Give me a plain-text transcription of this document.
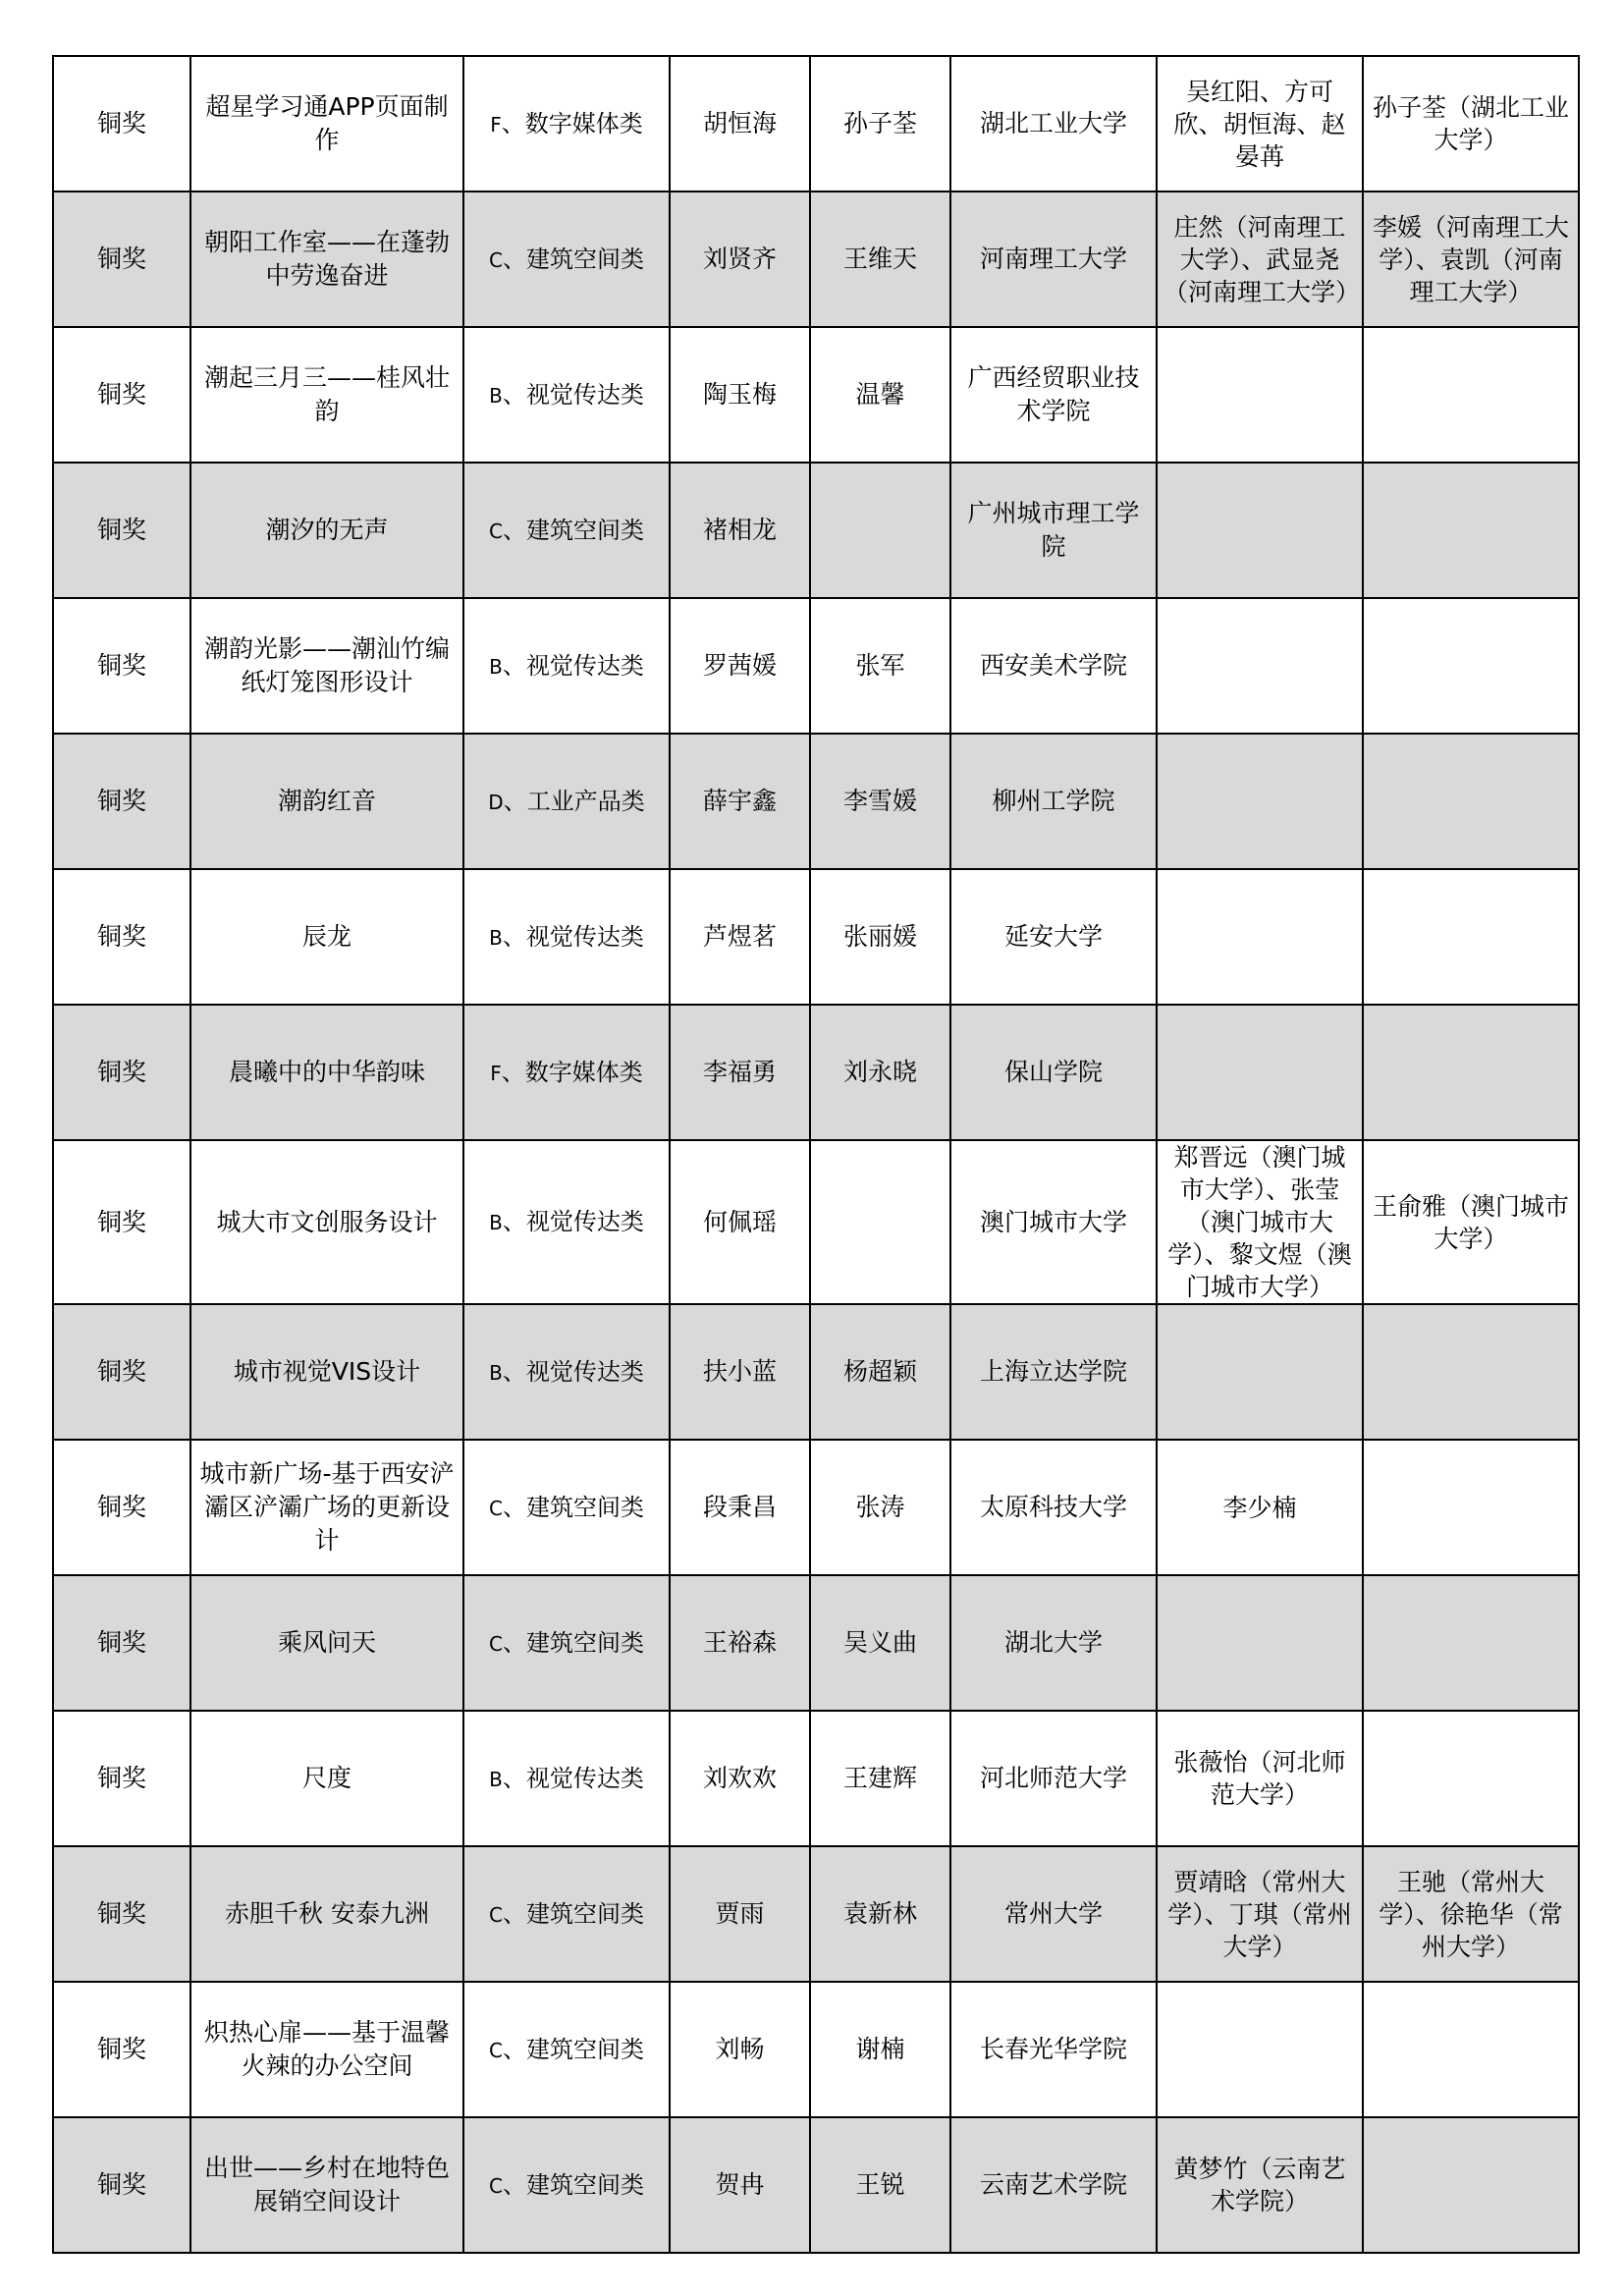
铜奖	超星学习通APP页面制作	F、数字媒体类	胡恒海	孙子荃	湖北工业大学	吴红阳、方可欣、胡恒海、赵晏苒	孙子荃（湖北工业大学）
铜奖	朝阳工作室——在蓬勃中劳逸奋进	C、建筑空间类	刘贤齐	王维天	河南理工大学	庄然（河南理工大学）、武显尧（河南理工大学）	李媛（河南理工大学）、袁凯（河南理工大学）
铜奖	潮起三月三——桂风壮韵	B、视觉传达类	陶玉梅	温馨	广西经贸职业技术学院		
铜奖	潮汐的无声	C、建筑空间类	褚相龙		广州城市理工学院		
铜奖	潮韵光影——潮汕竹编纸灯笼图形设计	B、视觉传达类	罗茜媛	张军	西安美术学院		
铜奖	潮韵红音	D、工业产品类	薛宇鑫	李雪媛	柳州工学院		
铜奖	辰龙	B、视觉传达类	芦煜茗	张丽媛	延安大学		
铜奖	晨曦中的中华韵味	F、数字媒体类	李福勇	刘永晓	保山学院		
铜奖	城大市文创服务设计	B、视觉传达类	何佩瑶		澳门城市大学	郑晋远（澳门城市大学）、张莹（澳门城市大学）、黎文煜（澳门城市大学）	王俞雅（澳门城市大学）
铜奖	城市视觉VIS设计	B、视觉传达类	扶小蓝	杨超颖	上海立达学院		
铜奖	城市新广场-基于西安浐灞区浐灞广场的更新设计	C、建筑空间类	段秉昌	张涛	太原科技大学	李少楠	
铜奖	乘风问天	C、建筑空间类	王裕森	吴义曲	湖北大学		
铜奖	尺度	B、视觉传达类	刘欢欢	王建辉	河北师范大学	张薇怡（河北师范大学）	
铜奖	赤胆千秋 安泰九洲	C、建筑空间类	贾雨	袁新林	常州大学	贾靖晗（常州大学）、丁琪（常州大学）	王驰（常州大学）、徐艳华（常州大学）
铜奖	炽热心扉——基于温馨火辣的办公空间	C、建筑空间类	刘畅	谢楠	长春光华学院		
铜奖	出世——乡村在地特色展销空间设计	C、建筑空间类	贺冉	王锐	云南艺术学院	黄梦竹（云南艺术学院）	
